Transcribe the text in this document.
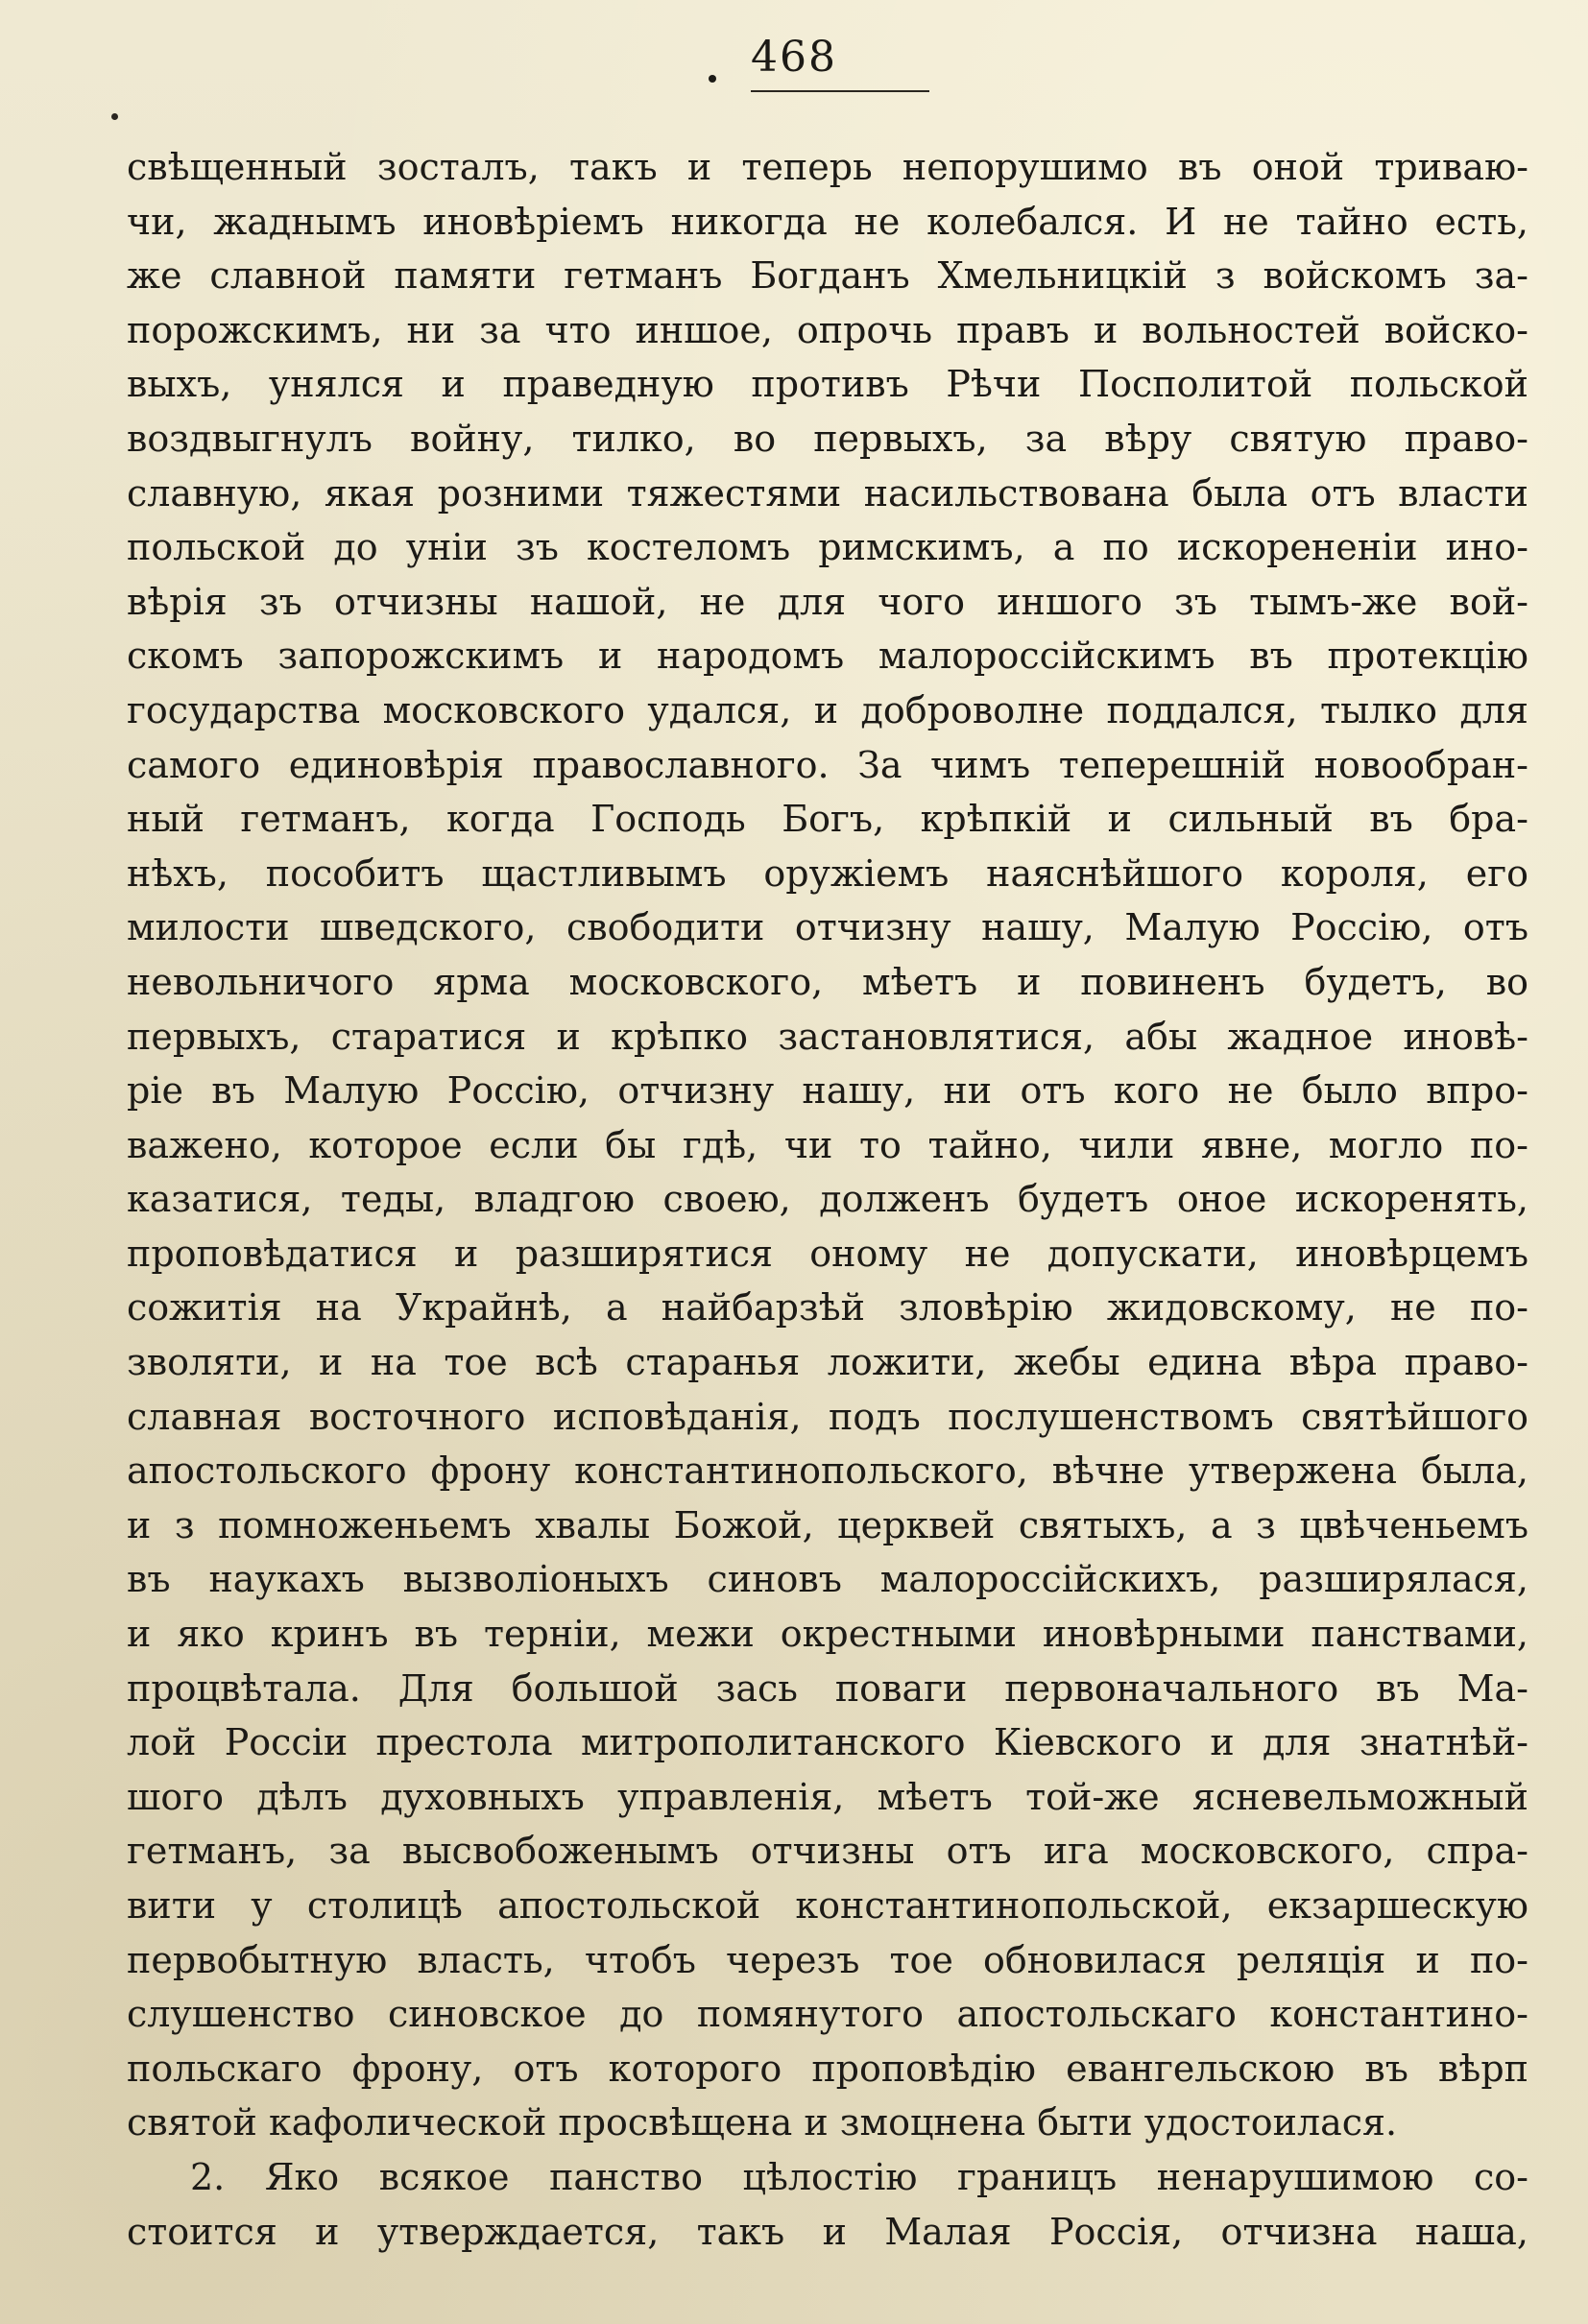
468
свѣщенный зосталъ, такъ и теперь непорушимо въ оной триваю-
чи, жаднымъ иновѣріемъ никогда не колебался. И не тайно есть,
же славной памяти гетманъ Богданъ Хмельницкій з войскомъ за-
порожскимъ, ни за что иншое, опрочь правъ и вольностей войско-
выхъ, унялся и праведную противъ Рѣчи Посполитой польской
воздвыгнулъ войну, тилко, во первыхъ, за вѣру святую право-
славную, якая розними тяжестями насильствована была отъ власти
польской до уніи зъ костеломъ римскимъ, а по искорененіи ино-
вѣрія зъ отчизны нашой, не для чого иншого зъ тымъ-же вой-
скомъ запорожскимъ и народомъ малороссійскимъ въ протекцію
государства московского удался, и доброволне поддался, тылко для
самого единовѣрія православного. За чимъ теперешній новообран-
ный гетманъ, когда Господь Богъ, крѣпкій и сильный въ бра-
нѣхъ, пособитъ щастливымъ оружіемъ наяснѣйшого короля, его
милости шведского, свободити отчизну нашу, Малую Россію, отъ
невольничого ярма московского, мѣетъ и повиненъ будетъ, во
первыхъ, старатися и крѣпко застановлятися, абы жадное иновѣ-
ріе въ Малую Россію, отчизну нашу, ни отъ кого не было впро-
важено, которое если бы гдѣ, чи то тайно, чили явне, могло по-
казатися, теды, владгою своею, долженъ будетъ оное искоренять,
проповѣдатися и разширятися оному не допускати, иновѣрцемъ
сожитія на Украйнѣ, а найбарзѣй зловѣрію жидовскому, не по-
зволяти, и на тое всѣ старанья ложити, жебы едина вѣра право-
славная восточного исповѣданія, подъ послушенствомъ святѣйшого
апостольского фрону константинопольского, вѣчне утвержена была,
и з помноженьемъ хвалы Божой, церквей святыхъ, а з цвѣченьемъ
въ наукахъ вызволіоныхъ синовъ малороссійскихъ, разширялася,
и яко кринъ въ терніи, межи окрестными иновѣрными панствами,
процвѣтала. Для большой зась поваги первоначального въ Ма-
лой Россіи престола митрополитанского Кіевского и для знатнѣй-
шого дѣлъ духовныхъ управленія, мѣетъ той-же ясневельможный
гетманъ, за высвобоженымъ отчизны отъ ига московского, спра-
вити у столицѣ апостольской константинопольской, екзаршескую
первобытную власть, чтобъ черезъ тое обновилася реляція и по-
слушенство синовское до помянутого апостольскаго константино-
польскаго фрону, отъ которого проповѣдію евангельскою въ вѣрп
святой кафолической просвѣщена и змоцнена быти удостоилася.
2. Яко всякое панство цѣлостію границъ ненарушимою со-
стоится и утверждается, такъ и Малая Россія, отчизна наша,
